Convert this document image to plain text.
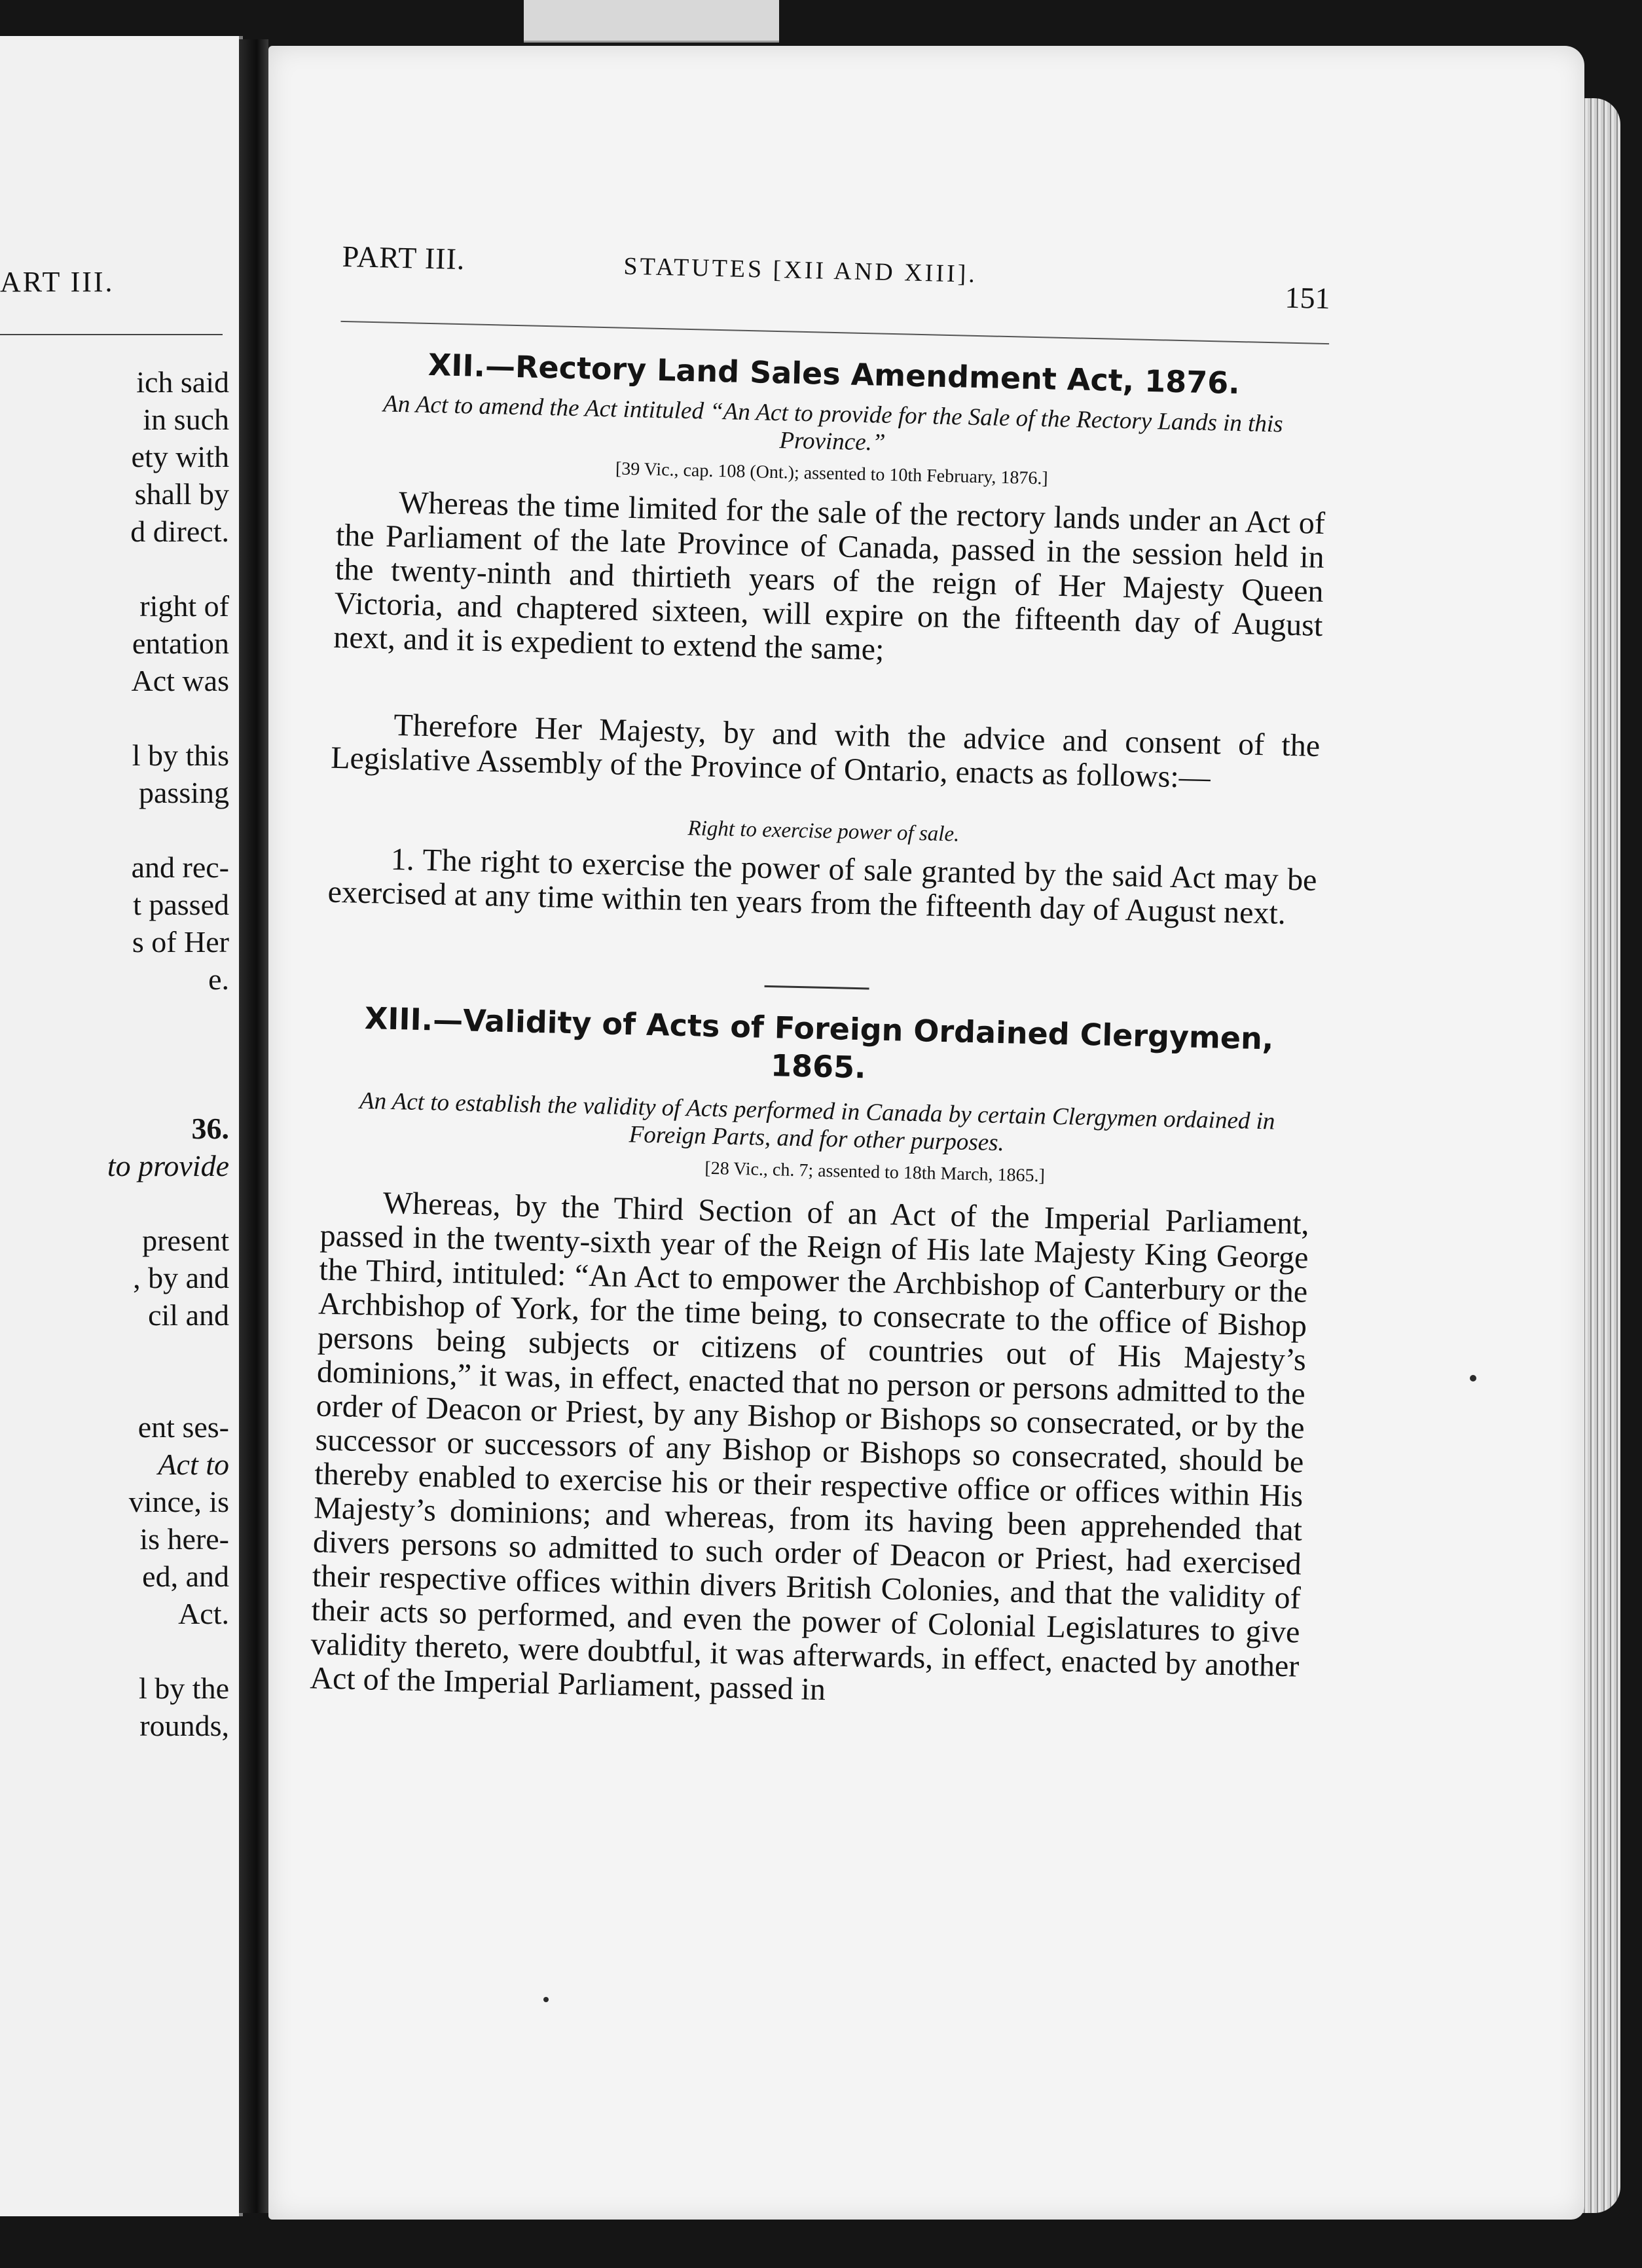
ART III.
ich said
in such
ety with
shall by
d direct.
right of
entation
Act was
l by this
passing
and rec-
t passed
s of Her
e.
36.
to provide
present
, by and
cil and
ent ses-
Act to
vince, is
is here-
ed, and
Act.
l by the
rounds,
PART III.	STATUTES [XII AND XIII].
151
XII.—Rectory Land Sales Amendment Act, 1876.
An Act to amend the Act intituled “An Act to provide for the Sale of the Rectory Lands in this Province.”
[39 Vic., cap. 108 (Ont.); assented to 10th February, 1876.]
Whereas the time limited for the sale of the rectory lands under an Act of the Parliament of the late Province of Canada, passed in the session held in the twenty-ninth and thirtieth years of the reign of Her Majesty Queen Victoria, and chaptered sixteen, will expire on the fifteenth day of August next, and it is expedient to extend the same;
Therefore Her Majesty, by and with the advice and consent of the Legislative Assembly of the Province of Ontario, enacts as follows:—
Right to exercise power of sale.
1. The right to exercise the power of sale granted by the said Act may be exercised at any time within ten years from the fifteenth day of August next.
XIII.—Validity of Acts of Foreign Ordained Clergymen,
1865.
An Act to establish the validity of Acts performed in Canada by certain Clergymen ordained in Foreign Parts, and for other purposes.
[28 Vic., ch. 7; assented to 18th March, 1865.]
Whereas, by the Third Section of an Act of the Imperial Parliament, passed in the twenty-sixth year of the Reign of His late Majesty King George the Third, intituled: “An Act to empower the Archbishop of Canterbury or the Archbishop of York, for the time being, to consecrate to the office of Bishop persons being subjects or citizens of countries out of His Majesty’s dominions,” it was, in effect, enacted that no person or persons admitted to the order of Deacon or Priest, by any Bishop or Bishops so consecrated, or by the successor or successors of any Bishop or Bishops so consecrated, should be thereby enabled to exercise his or their respective office or offices within His Majesty’s dominions; and whereas, from its having been apprehended that divers persons so admitted to such order of Deacon or Priest, had exercised their respective offices within divers British Colonies, and that the validity of their acts so performed, and even the power of Colonial Legislatures to give validity thereto, were doubtful, it was afterwards, in effect, enacted by another Act of the Imperial Parliament, passed in
